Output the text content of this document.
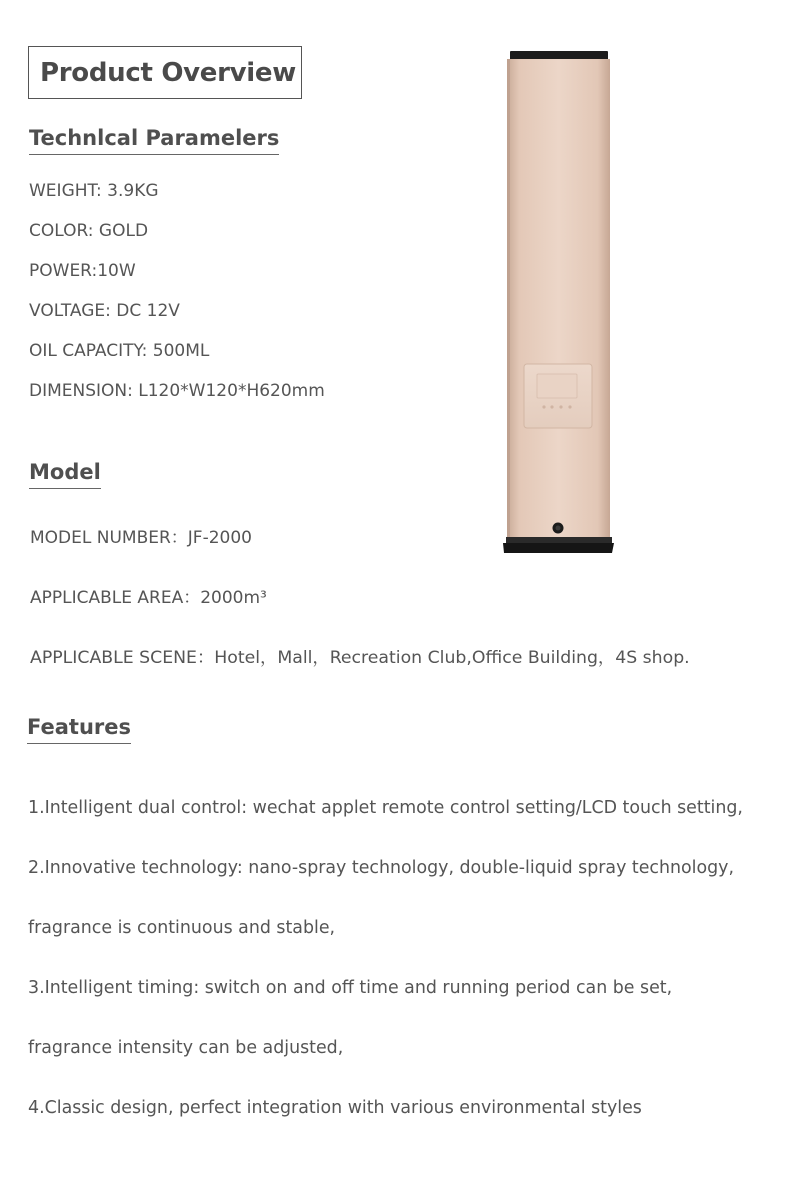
Product Overview
Technlcal Paramelers
WEIGHT: 3.9KG
COLOR: GOLD
POWER:10W
VOLTAGE: DC 12V
OIL CAPACITY: 500ML
DIMENSION: L120*W120*H620mm
Model
MODEL NUMBER：JF-2000
APPLICABLE AREA：2000m³
APPLICABLE SCENE：Hotel，Mall，Recreation Club,Office Building，4S shop.
Features
1.Intelligent dual control: wechat applet remote control setting/LCD touch setting,
2.Innovative technology: nano-spray technology, double-liquid spray technology,
fragrance is continuous and stable,
3.Intelligent timing: switch on and off time and running period can be set,
fragrance intensity can be adjusted,
4.Classic design, perfect integration with various environmental styles
